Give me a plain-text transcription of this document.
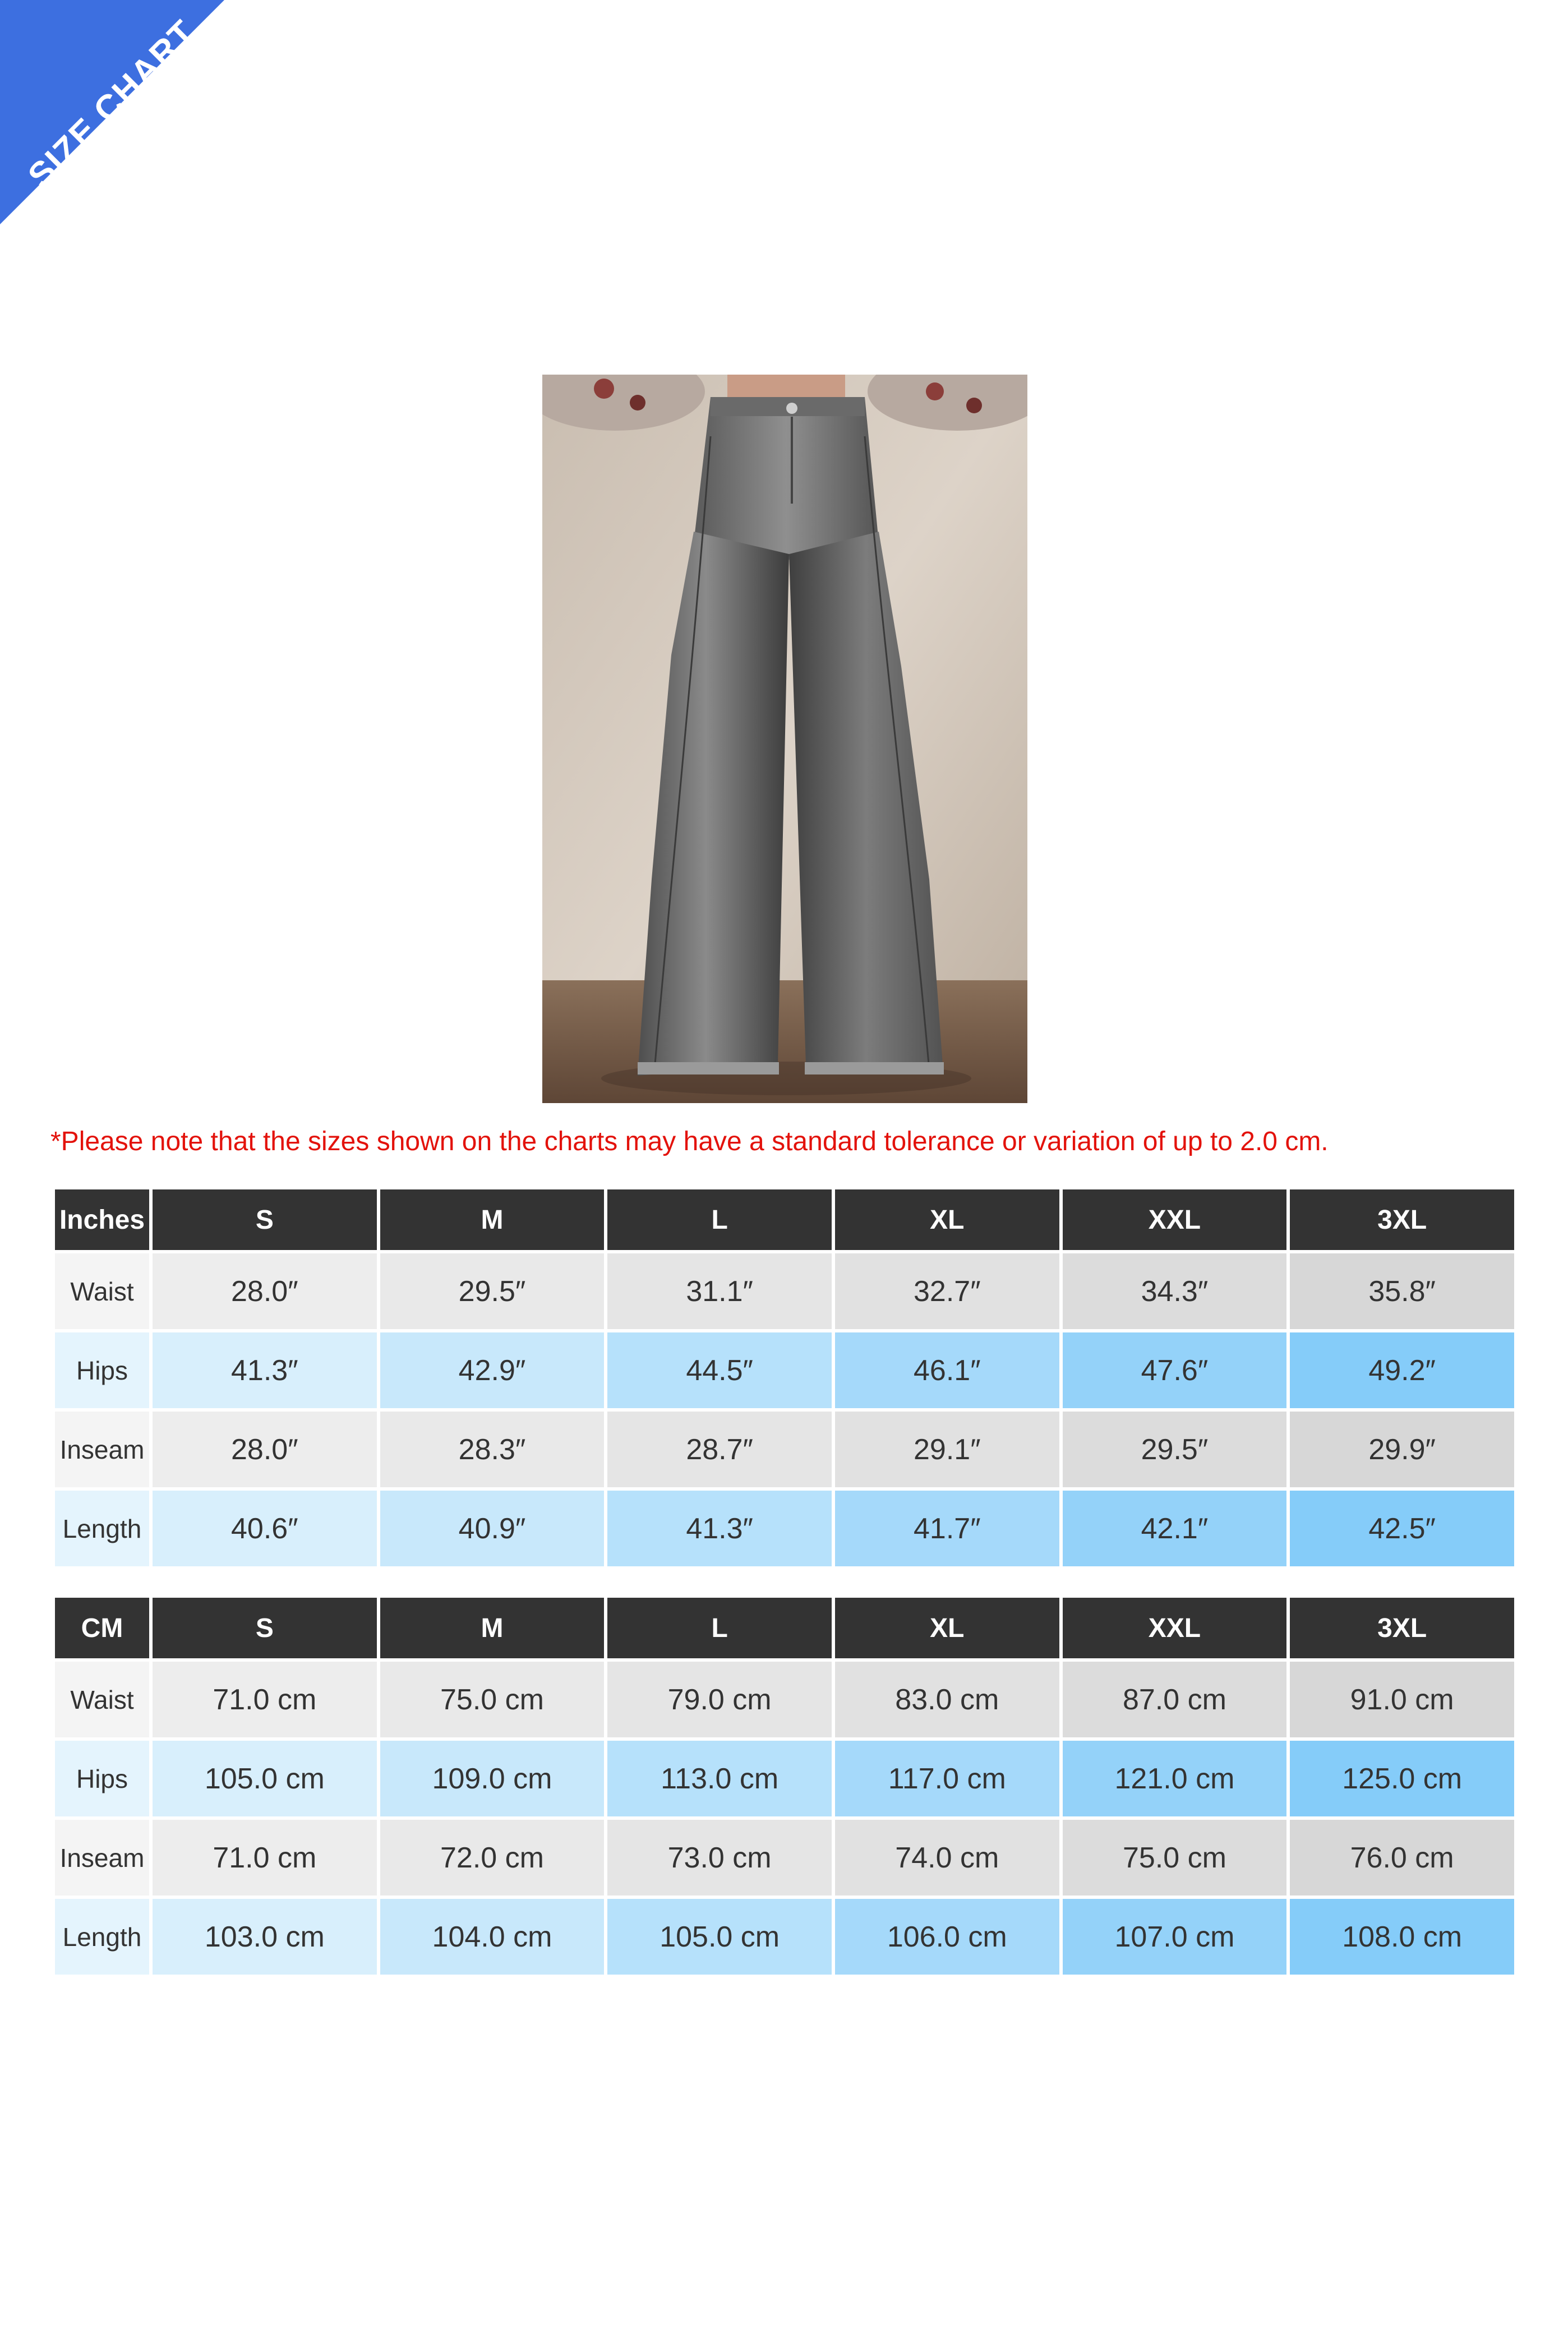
SIZE CHART
*Please note that the sizes shown on the charts may have a standard tolerance or variation of up to 2.0 cm.
Inches	S	M	L	XL	XXL	3XL
Waist	28.0″	29.5″	31.1″	32.7″	34.3″	35.8″
Hips	41.3″	42.9″	44.5″	46.1″	47.6″	49.2″
Inseam	28.0″	28.3″	28.7″	29.1″	29.5″	29.9″
Length	40.6″	40.9″	41.3″	41.7″	42.1″	42.5″
CM	S	M	L	XL	XXL	3XL
Waist	71.0 cm	75.0 cm	79.0 cm	83.0 cm	87.0 cm	91.0 cm
Hips	105.0 cm	109.0 cm	113.0 cm	117.0 cm	121.0 cm	125.0 cm
Inseam	71.0 cm	72.0 cm	73.0 cm	74.0 cm	75.0 cm	76.0 cm
Length	103.0 cm	104.0 cm	105.0 cm	106.0 cm	107.0 cm	108.0 cm
